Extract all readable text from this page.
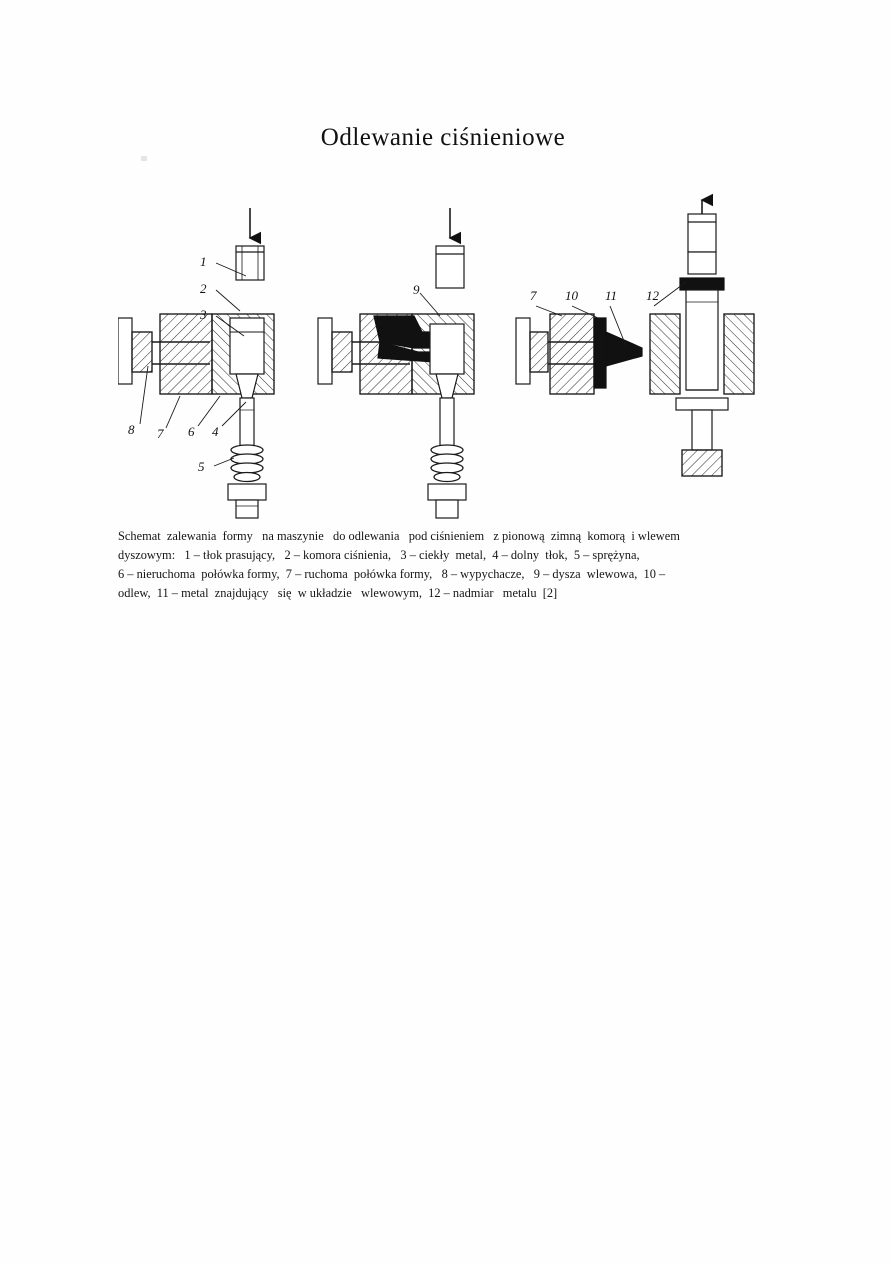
Odlewanie ciśnieniowe
1
2
3
8 7 6 4
5
9	7 10 11 12
Schemat  zalewania  formy   na maszynie   do odlewania   pod ciśnieniem   z pionową  zimną  komorą  i wlewem
dyszowym:   1 – tłok prasujący,   2 – komora ciśnienia,   3 – ciekły  metal,  4 – dolny  tłok,  5 – sprężyna,
6 – nieruchoma  połówka formy,  7 – ruchoma  połówka formy,   8 – wypychacze,   9 – dysza  wlewowa,  10 –
odlew,  11 – metal  znajdujący   się  w układzie   wlewowym,  12 – nadmiar   metalu  [2]
